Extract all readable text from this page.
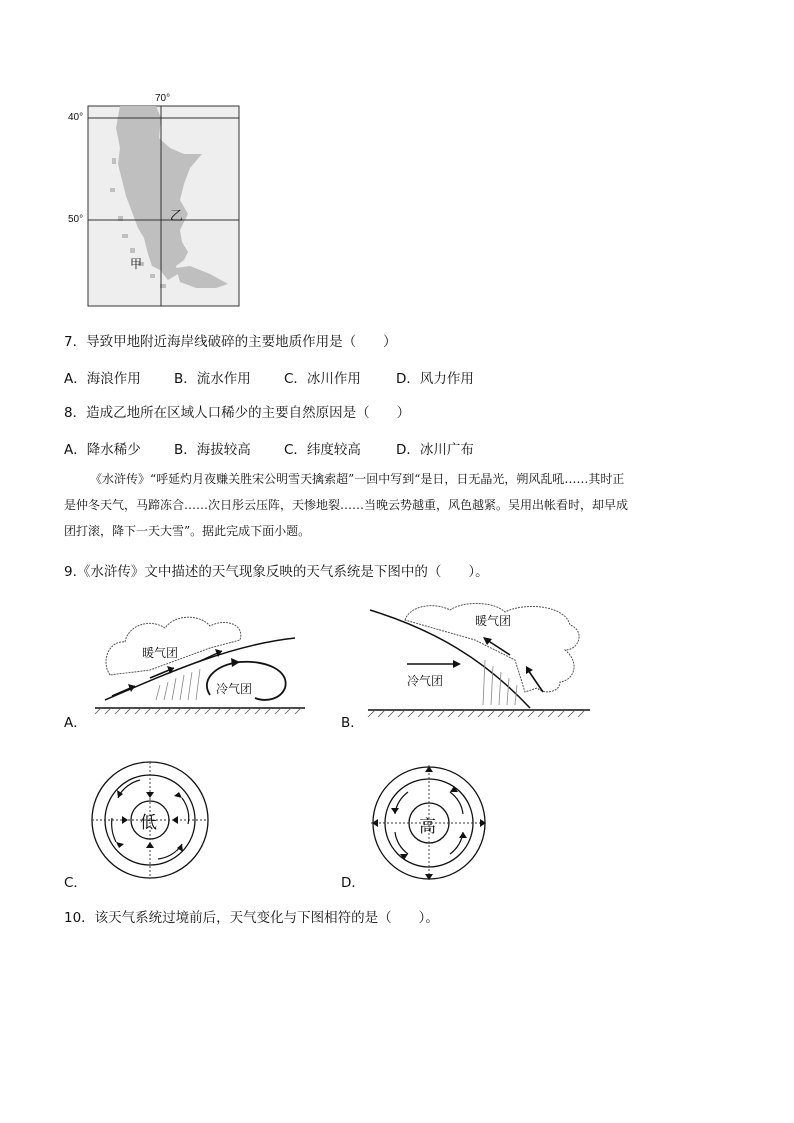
70°
40°
50°	乙
甲
7．导致甲地附近海岸线破碎的主要地质作用是（　　）
A．海浪作用 B．流水作用 C．冰川作用	D．风力作用
8．造成乙地所在区域人口稀少的主要自然原因是（　　）
A．降水稀少 B．海拔较高 C．纬度较高	D．冰川广布
《水浒传》“呼延灼月夜赚关胜宋公明雪天擒索超”一回中写到“是日，日无晶光，朔风乱吼……其时正
是仲冬天气，马蹄冻合……次日彤云压阵，天惨地裂……当晚云势越重，风色越紧。吴用出帐看时，却早成
团打滚，降下一天大雪”。据此完成下面小题。
9.《水浒传》文中描述的天气现象反映的天气系统是下图中的（　　）。
暖气团
冷气团
A．
暖气团
冷气团
B．
低
C．
高
D．
10．该天气系统过境前后，天气变化与下图相符的是（　　）。
